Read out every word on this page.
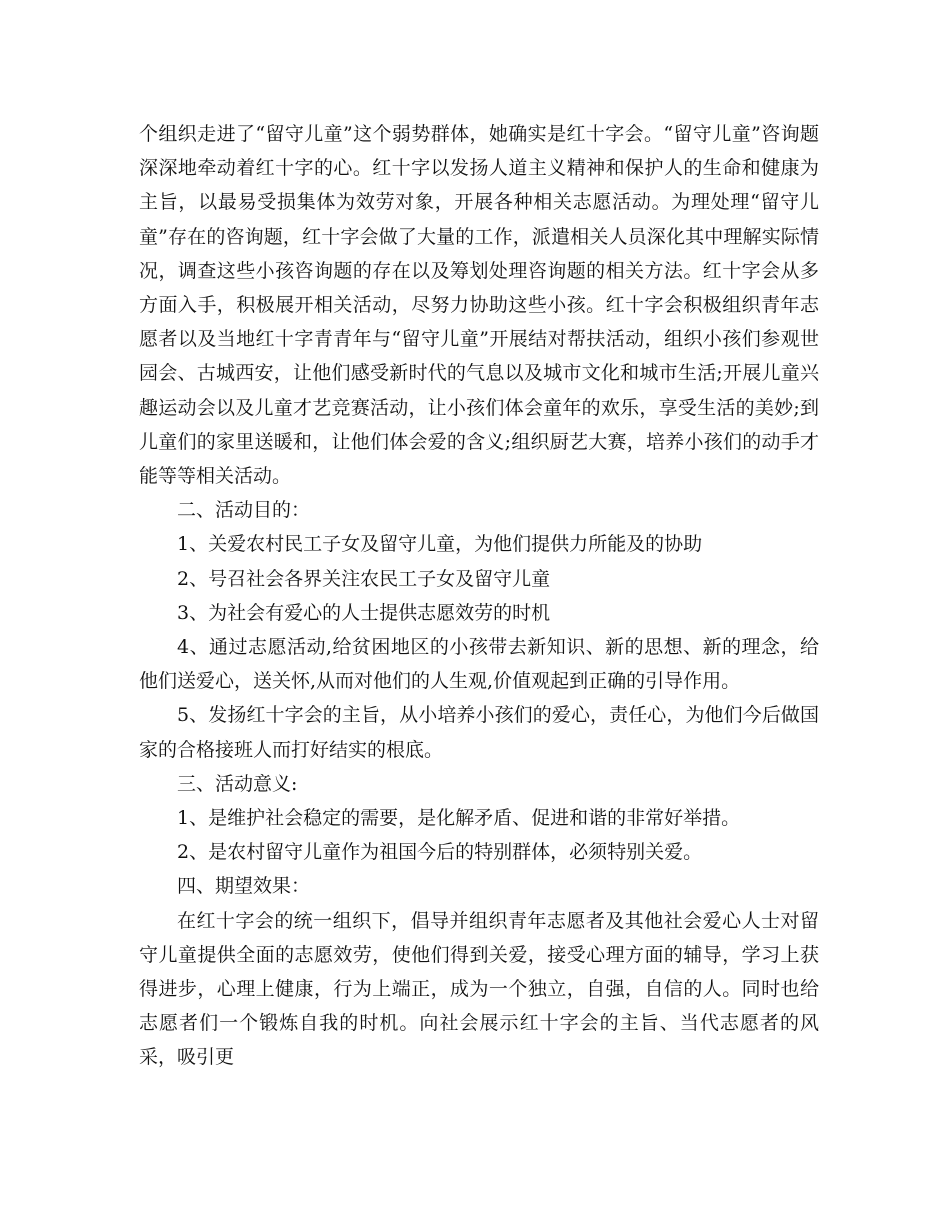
个组织走进了“留守儿童”这个弱势群体，她确实是红十字会。“留守儿童”咨询题深深地牵动着红十字的心。红十字以发扬人道主义精神和保护人的生命和健康为主旨，以最易受损集体为效劳对象，开展各种相关志愿活动。为理处理“留守儿童”存在的咨询题，红十字会做了大量的工作，派遣相关人员深化其中理解实际情况，调查这些小孩咨询题的存在以及筹划处理咨询题的相关方法。红十字会从多方面入手，积极展开相关活动，尽努力协助这些小孩。红十字会积极组织青年志愿者以及当地红十字青青年与“留守儿童”开展结对帮扶活动，组织小孩们参观世园会、古城西安，让他们感受新时代的气息以及城市文化和城市生活;开展儿童兴趣运动会以及儿童才艺竞赛活动，让小孩们体会童年的欢乐，享受生活的美妙;到儿童们的家里送暖和，让他们体会爱的含义;组织厨艺大赛，培养小孩们的动手才能等等相关活动。

二、活动目的：

1、关爱农村民工子女及留守儿童，为他们提供力所能及的协助

2、号召社会各界关注农民工子女及留守儿童

3、为社会有爱心的人士提供志愿效劳的时机

4、通过志愿活动,给贫困地区的小孩带去新知识、新的思想、新的理念，给他们送爱心，送关怀,从而对他们的人生观,价值观起到正确的引导作用。

5、发扬红十字会的主旨，从小培养小孩们的爱心，责任心，为他们今后做国家的合格接班人而打好结实的根底。

三、活动意义:

1、是维护社会稳定的需要，是化解矛盾、促进和谐的非常好举措。

2、是农村留守儿童作为祖国今后的特别群体，必须特别关爱。

四、期望效果：

在红十字会的统一组织下，倡导并组织青年志愿者及其他社会爱心人士对留守儿童提供全面的志愿效劳，使他们得到关爱，接受心理方面的辅导，学习上获得进步，心理上健康，行为上端正，成为一个独立，自强，自信的人。同时也给志愿者们一个锻炼自我的时机。向社会展示红十字会的主旨、当代志愿者的风采，吸引更
